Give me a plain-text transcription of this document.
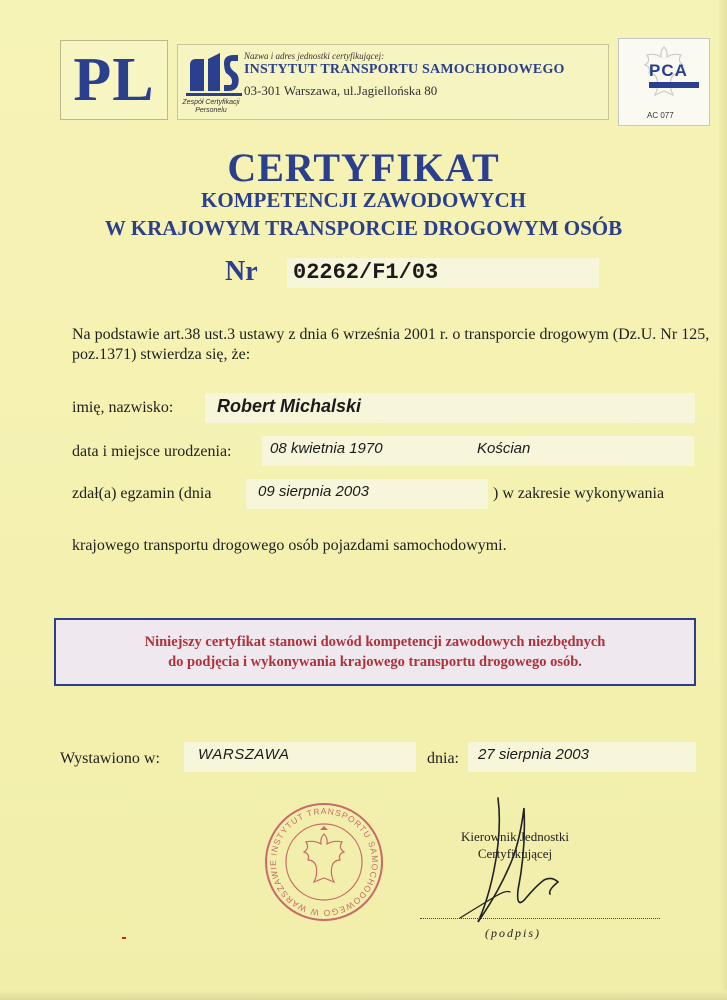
PL	Zespół Certyfikacji Personelu
Nazwa i adres jednostki certyfikującej:
INSTYTUT TRANSPORTU SAMOCHODOWEGO
03-301 Warszawa, ul.Jagiellońska 80
PCA
AC 077
CERTYFIKAT
KOMPETENCJI ZAWODOWYCH
W KRAJOWYM TRANSPORCIE DROGOWYM OSÓB
Nr 02262/F1/03
Na podstawie art.38 ust.3 ustawy z dnia 6 września 2001 r. o transporcie drogowym (Dz.U. Nr 125, poz.1371) stwierdza się, że:
imię, nazwisko:	Robert Michalski
data i miejsce urodzenia:	08 kwietnia 1970	Kościan
zdał(a) egzamin (dnia	09 sierpnia 2003	) w zakresie wykonywania
krajowego transportu drogowego osób pojazdami samochodowymi.
Niniejszy certyfikat stanowi dowód kompetencji zawodowych niezbędnych
do podjęcia i wykonywania krajowego transportu drogowego osób.
Wystawiono w:	WARSZAWA	dnia:	27 sierpnia 2003
INSTYTUT TRANSPORTU SAMOCHODOWEGO W WARSZAWIE
Kierownik Jednostki
Certyfikującej
(podpis)
